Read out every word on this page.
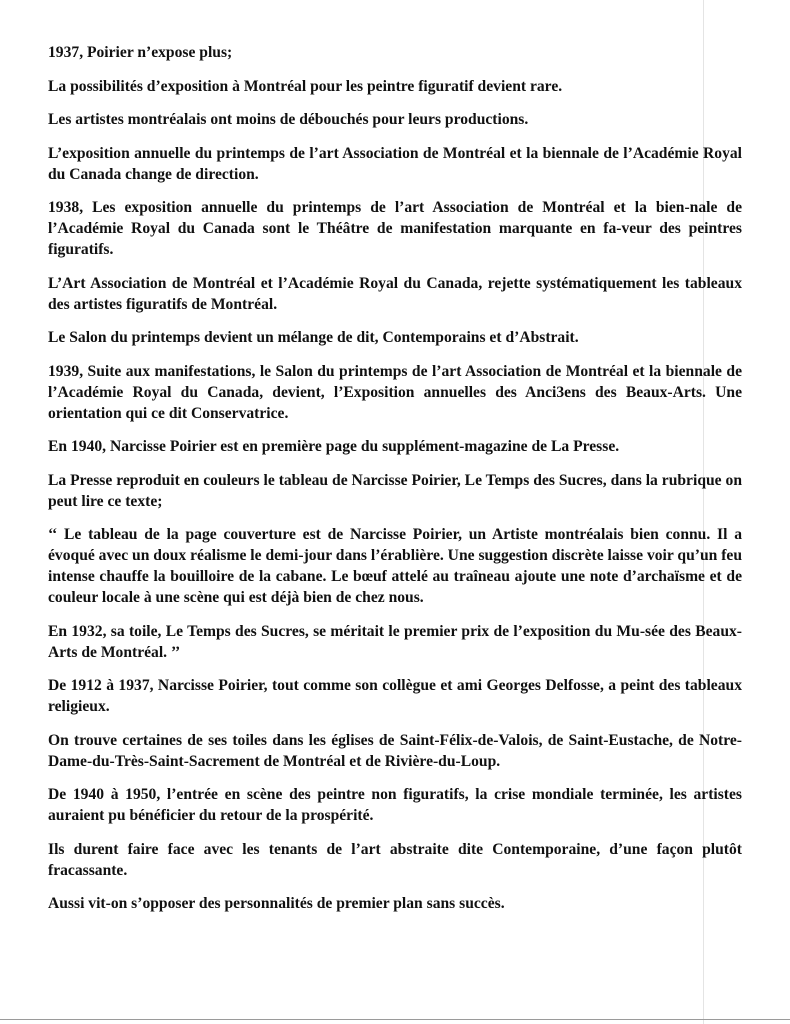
1937, Poirier n’expose plus;

La possibilités d’exposition à Montréal pour les peintre figuratif devient rare.

Les artistes montréalais ont moins de débouchés pour leurs productions.

L’exposition annuelle du printemps de l’art Association de Montréal et la biennale de l’Académie Royal du Canada change de direction.

1938, Les exposition annuelle du printemps de l’art Association de Montréal et la bien-nale de l’Académie Royal du Canada sont le Théâtre de manifestation marquante en fa-veur des peintres figuratifs.

L’Art Association de Montréal et l’Académie Royal du Canada, rejette systématiquement les tableaux des artistes figuratifs de Montréal.

Le Salon du printemps devient un mélange de dit, Contemporains et d’Abstrait.

1939, Suite aux manifestations, le Salon du printemps de l’art Association de Montréal et la biennale de l’Académie Royal du Canada, devient, l’Exposition annuelles des Anci3ens des Beaux-Arts. Une orientation qui ce dit Conservatrice.

En 1940, Narcisse Poirier est en première page du supplément-magazine de La Presse.

La Presse reproduit en couleurs le tableau de Narcisse Poirier, Le Temps des Sucres, dans la rubrique on peut lire ce texte;

‘‘ Le tableau de la page couverture est de Narcisse Poirier, un Artiste montréalais bien connu. Il a évoqué avec un doux réalisme le demi-jour dans l’érablière. Une suggestion discrète laisse voir qu’un feu intense chauffe la bouilloire de la cabane. Le bœuf attelé au traîneau ajoute une note d’archaïsme et de couleur locale à une scène qui est déjà bien de chez nous.

En 1932, sa toile, Le Temps des Sucres, se méritait le premier prix de l’exposition du Mu-sée des Beaux-Arts de Montréal. ’’

De 1912 à 1937, Narcisse Poirier, tout comme son collègue et ami Georges Delfosse, a peint des tableaux religieux.

On trouve certaines de ses toiles dans les églises de Saint-Félix-de-Valois, de Saint-Eustache, de Notre-Dame-du-Très-Saint-Sacrement de Montréal et de Rivière-du-Loup.

De 1940 à 1950, l’entrée en scène des peintre non figuratifs, la crise mondiale terminée, les artistes auraient pu bénéficier du retour de la prospérité.

Ils durent faire face avec les tenants de l’art abstraite dite Contemporaine, d’une façon plutôt fracassante.

Aussi vit-on s’opposer des personnalités de premier plan sans succès.
